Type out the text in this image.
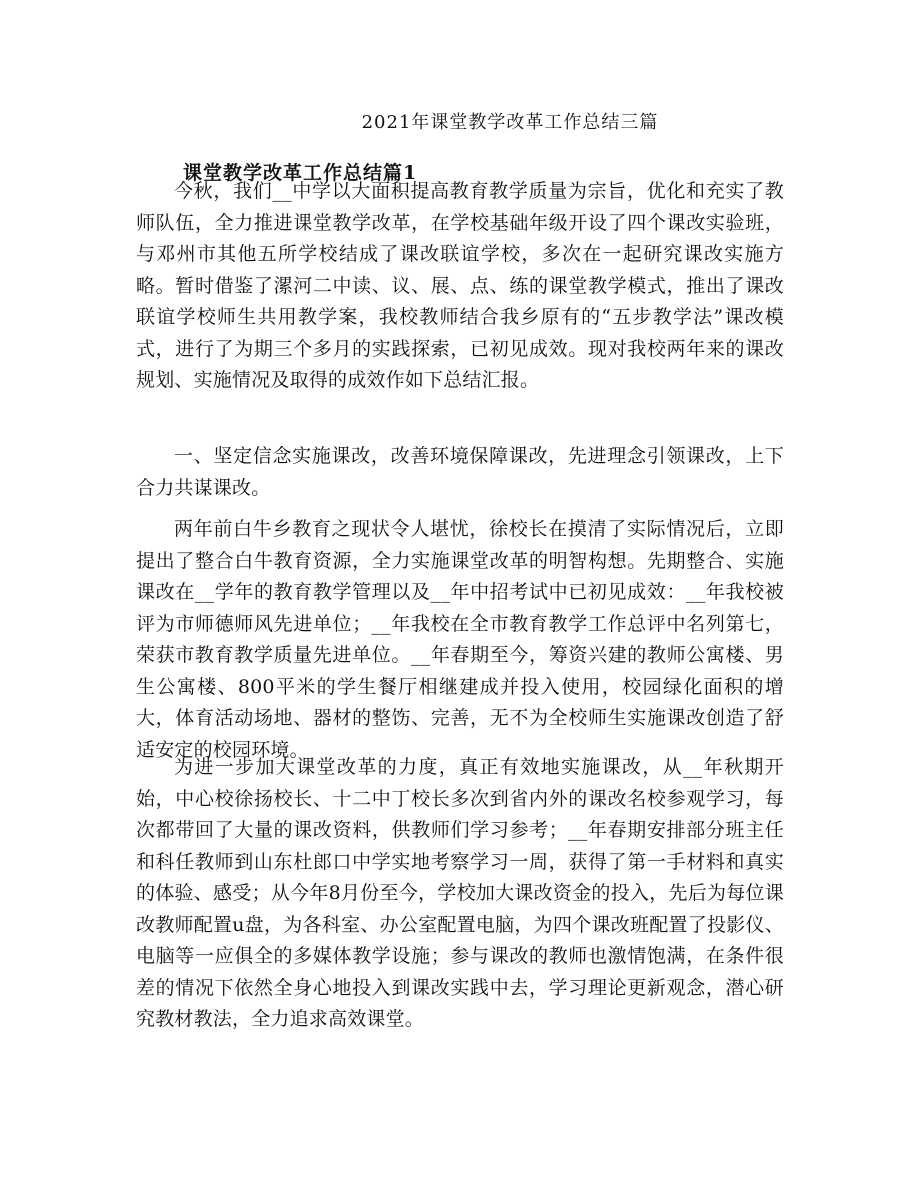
2021年课堂教学改革工作总结三篇
课堂教学改革工作总结篇1

今秋，我们__中学以大面积提高教育教学质量为宗旨，优化和充实了教师队伍，全力推进课堂教学改革，在学校基础年级开设了四个课改实验班，与邓州市其他五所学校结成了课改联谊学校，多次在一起研究课改实施方略。暂时借鉴了漯河二中读、议、展、点、练的课堂教学模式，推出了课改联谊学校师生共用教学案，我校教师结合我乡原有的“五步教学法”课改模式，进行了为期三个多月的实践探索，已初见成效。现对我校两年来的课改规划、实施情况及取得的成效作如下总结汇报。

一、坚定信念实施课改，改善环境保障课改，先进理念引领课改，上下合力共谋课改。

两年前白牛乡教育之现状令人堪忧，徐校长在摸清了实际情况后，立即提出了整合白牛教育资源，全力实施课堂改革的明智构想。先期整合、实施课改在__学年的教育教学管理以及__年中招考试中已初见成效：__年我校被评为市师德师风先进单位；__年我校在全市教育教学工作总评中名列第七，荣获市教育教学质量先进单位。__年春期至今，筹资兴建的教师公寓楼、男生公寓楼、800平米的学生餐厅相继建成并投入使用，校园绿化面积的增大，体育活动场地、器材的整饬、完善，无不为全校师生实施课改创造了舒适安定的校园环境。

为进一步加大课堂改革的力度，真正有效地实施课改，从__年秋期开始，中心校徐扬校长、十二中丁校长多次到省内外的课改名校参观学习，每次都带回了大量的课改资料，供教师们学习参考；__年春期安排部分班主任和科任教师到山东杜郎口中学实地考察学习一周，获得了第一手材料和真实的体验、感受；从今年8月份至今，学校加大课改资金的投入，先后为每位课改教师配置u盘，为各科室、办公室配置电脑，为四个课改班配置了投影仪、电脑等一应俱全的多媒体教学设施；参与课改的教师也激情饱满，在条件很差的情况下依然全身心地投入到课改实践中去，学习理论更新观念，潜心研究教材教法，全力追求高效课堂。
